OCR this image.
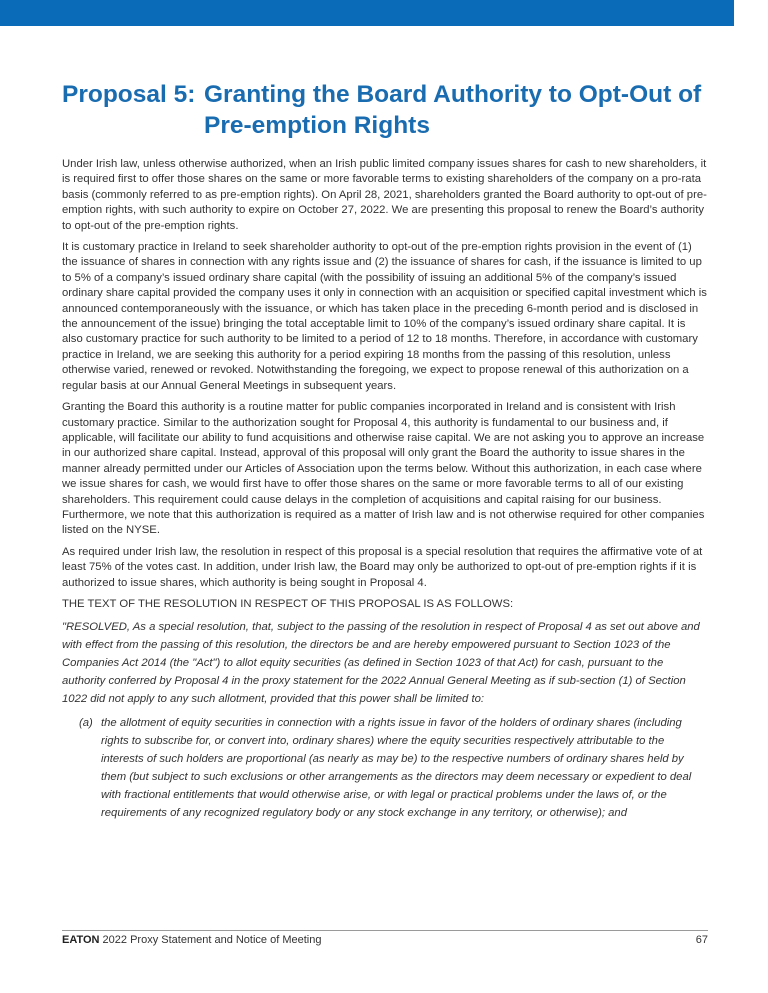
Proposal 5: Granting the Board Authority to Opt-Out of Pre-emption Rights

Under Irish law, unless otherwise authorized, when an Irish public limited company issues shares for cash to new shareholders, it is required first to offer those shares on the same or more favorable terms to existing shareholders of the company on a pro-rata basis (commonly referred to as pre-emption rights). On April 28, 2021, shareholders granted the Board authority to opt-out of pre-emption rights, with such authority to expire on October 27, 2022. We are presenting this proposal to renew the Board’s authority to opt-out of the pre-emption rights.

It is customary practice in Ireland to seek shareholder authority to opt-out of the pre-emption rights provision in the event of (1) the issuance of shares in connection with any rights issue and (2) the issuance of shares for cash, if the issuance is limited to up to 5% of a company’s issued ordinary share capital (with the possibility of issuing an additional 5% of the company’s issued ordinary share capital provided the company uses it only in connection with an acquisition or specified capital investment which is announced contemporaneously with the issuance, or which has taken place in the preceding 6-month period and is disclosed in the announcement of the issue) bringing the total acceptable limit to 10% of the company’s issued ordinary share capital. It is also customary practice for such authority to be limited to a period of 12 to 18 months. Therefore, in accordance with customary practice in Ireland, we are seeking this authority for a period expiring 18 months from the passing of this resolution, unless otherwise varied, renewed or revoked. Notwithstanding the foregoing, we expect to propose renewal of this authorization on a regular basis at our Annual General Meetings in subsequent years.

Granting the Board this authority is a routine matter for public companies incorporated in Ireland and is consistent with Irish customary practice. Similar to the authorization sought for Proposal 4, this authority is fundamental to our business and, if applicable, will facilitate our ability to fund acquisitions and otherwise raise capital. We are not asking you to approve an increase in our authorized share capital. Instead, approval of this proposal will only grant the Board the authority to issue shares in the manner already permitted under our Articles of Association upon the terms below. Without this authorization, in each case where we issue shares for cash, we would first have to offer those shares on the same or more favorable terms to all of our existing shareholders. This requirement could cause delays in the completion of acquisitions and capital raising for our business. Furthermore, we note that this authorization is required as a matter of Irish law and is not otherwise required for other companies listed on the NYSE.

As required under Irish law, the resolution in respect of this proposal is a special resolution that requires the affirmative vote of at least 75% of the votes cast. In addition, under Irish law, the Board may only be authorized to opt-out of pre-emption rights if it is authorized to issue shares, which authority is being sought in Proposal 4.

THE TEXT OF THE RESOLUTION IN RESPECT OF THIS PROPOSAL IS AS FOLLOWS:

"RESOLVED, As a special resolution, that, subject to the passing of the resolution in respect of Proposal 4 as set out above and with effect from the passing of this resolution, the directors be and are hereby empowered pursuant to Section 1023 of the Companies Act 2014 (the "Act") to allot equity securities (as defined in Section 1023 of that Act) for cash, pursuant to the authority conferred by Proposal 4 in the proxy statement for the 2022 Annual General Meeting as if sub-section (1) of Section 1022 did not apply to any such allotment, provided that this power shall be limited to:

(a) the allotment of equity securities in connection with a rights issue in favor of the holders of ordinary shares (including rights to subscribe for, or convert into, ordinary shares) where the equity securities respectively attributable to the interests of such holders are proportional (as nearly as may be) to the respective numbers of ordinary shares held by them (but subject to such exclusions or other arrangements as the directors may deem necessary or expedient to deal with fractional entitlements that would otherwise arise, or with legal or practical problems under the laws of, or the requirements of any recognized regulatory body or any stock exchange in any territory, or otherwise); and
EATON 2022 Proxy Statement and Notice of Meeting	67
